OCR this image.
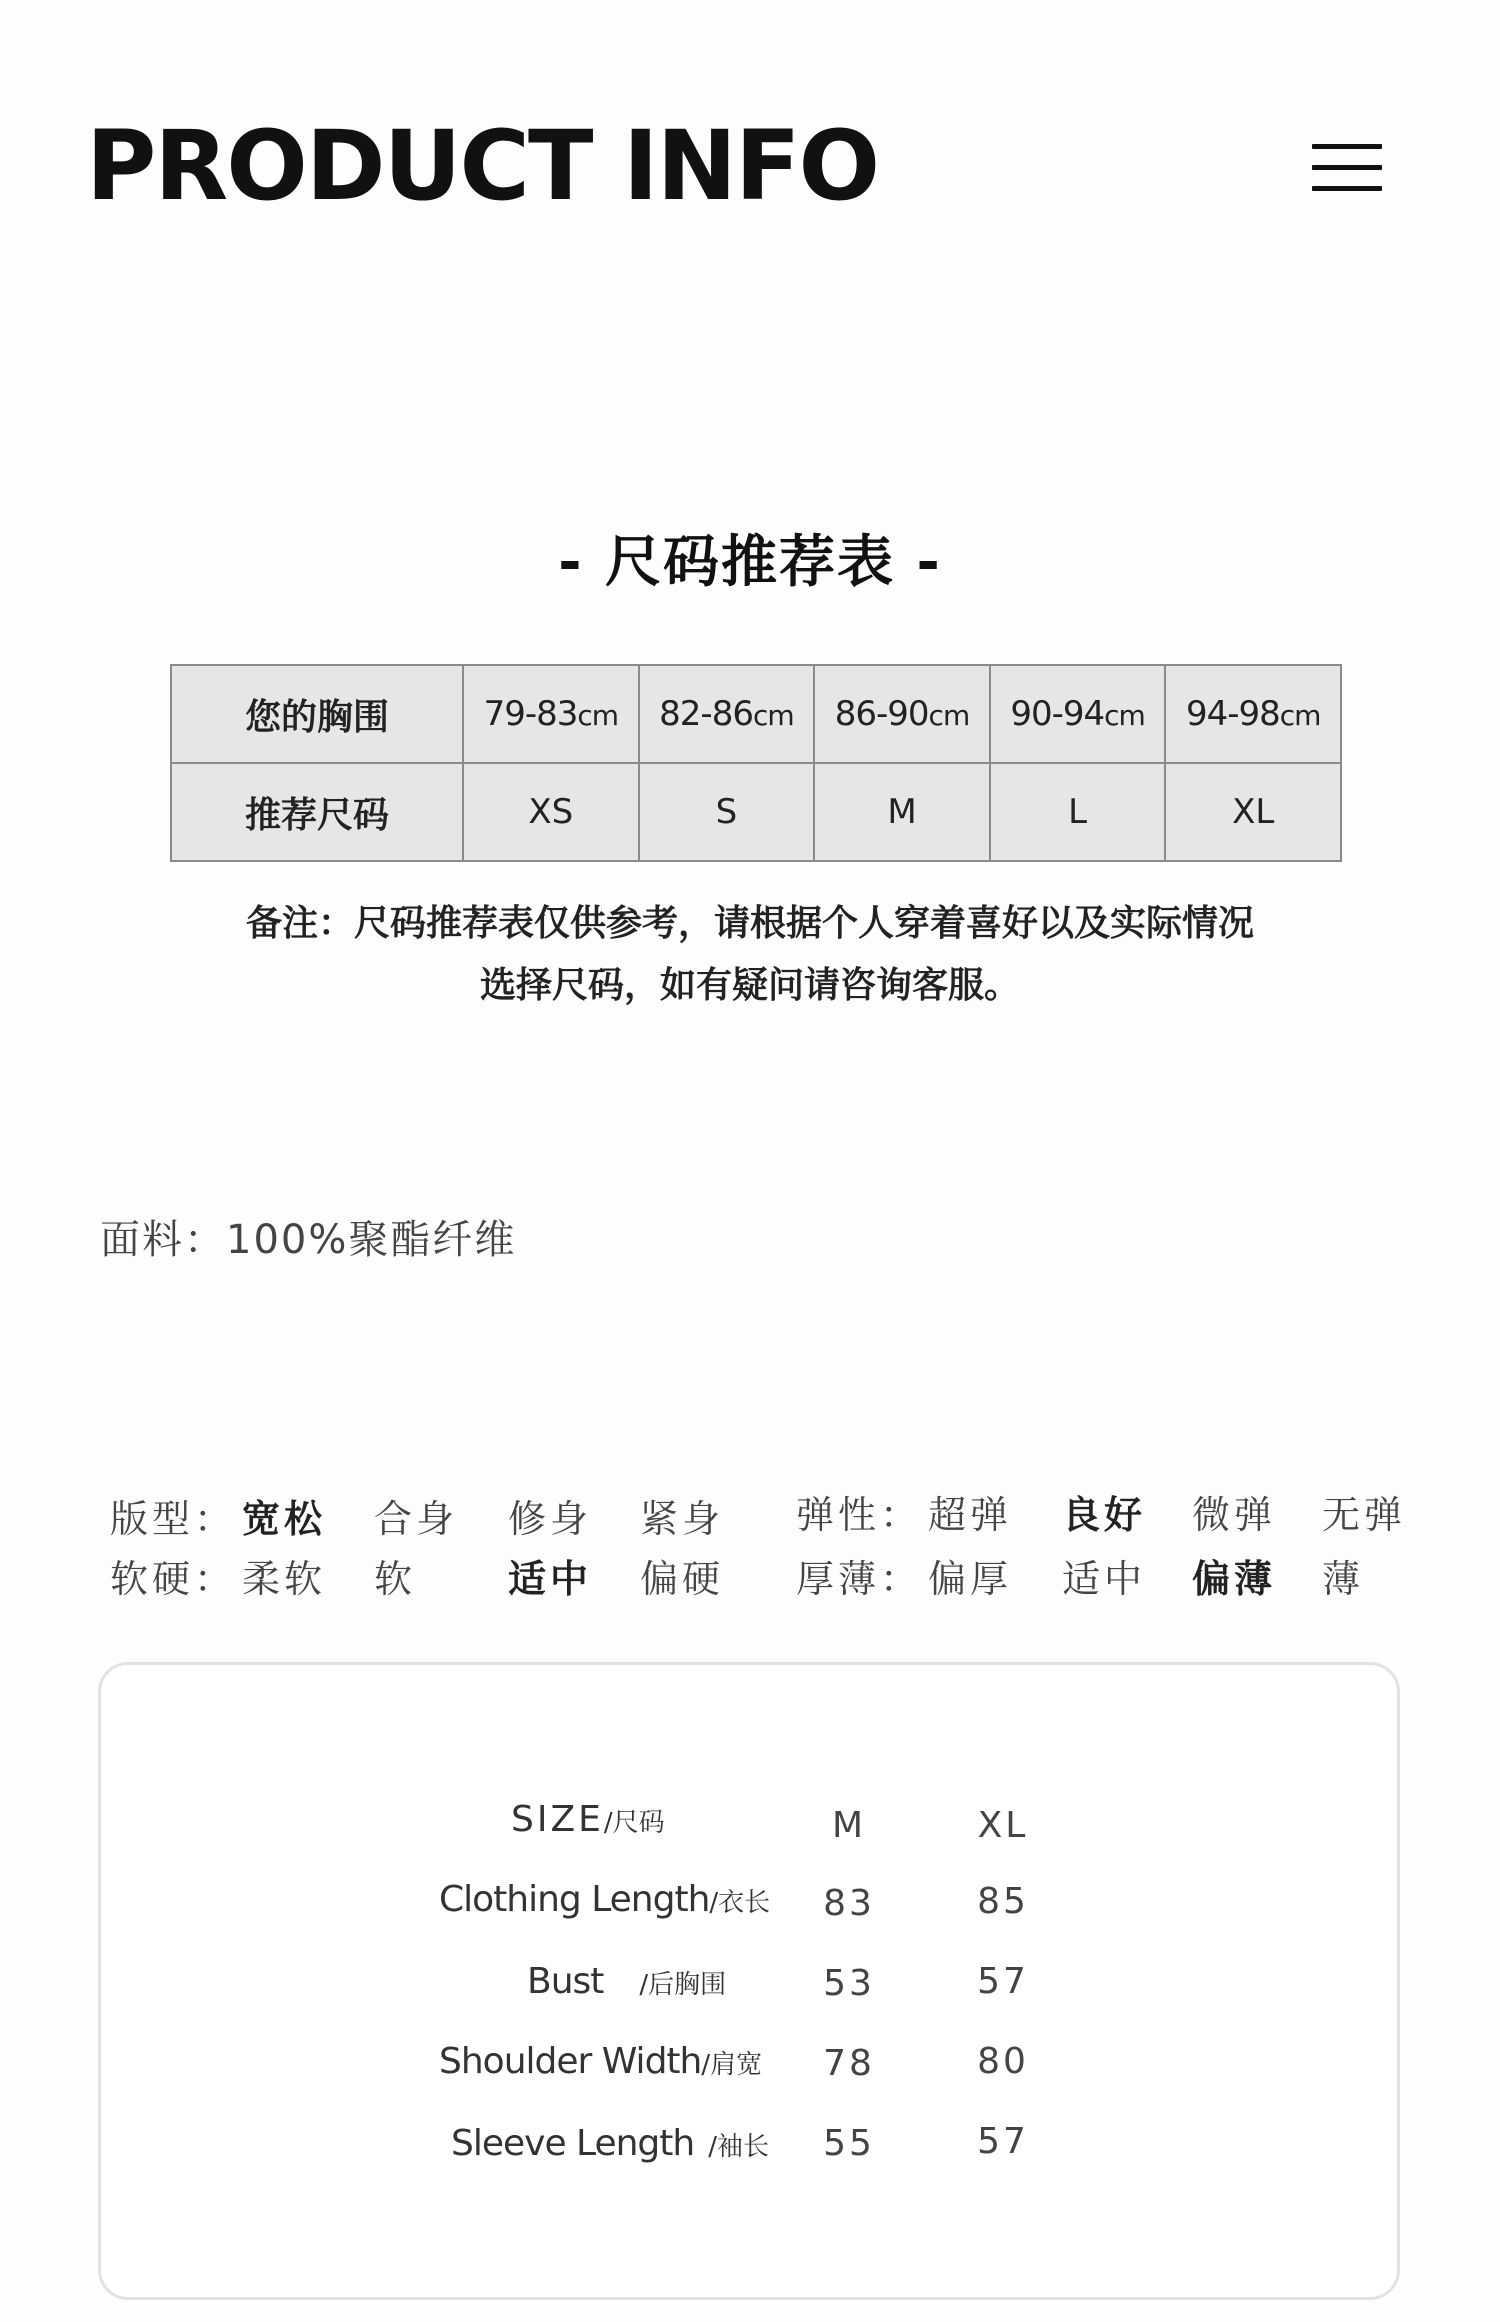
PRODUCT INFO
- 尺码推荐表 -
您的胸围	79-83cm	82-86cm	86-90cm	90-94cm	94-98cm
推荐尺码	XS	S	M	L	XL
备注：尺码推荐表仅供参考，请根据个人穿着喜好以及实际情况
选择尺码，如有疑问请咨询客服。
面料：100%聚酯纤维
版型： 宽松 合身 修身 紧身 弹性： 超弹 良好 微弹 无弹
软硬： 柔软 软 适中 偏硬 厚薄： 偏厚 适中 偏薄 薄
SIZE/尺码	M	XL
Clothing Length/衣长	83	85
Bust /后胸围	53	57
Shoulder Width/肩宽	78	80
Sleeve Length /袖长	55	57
